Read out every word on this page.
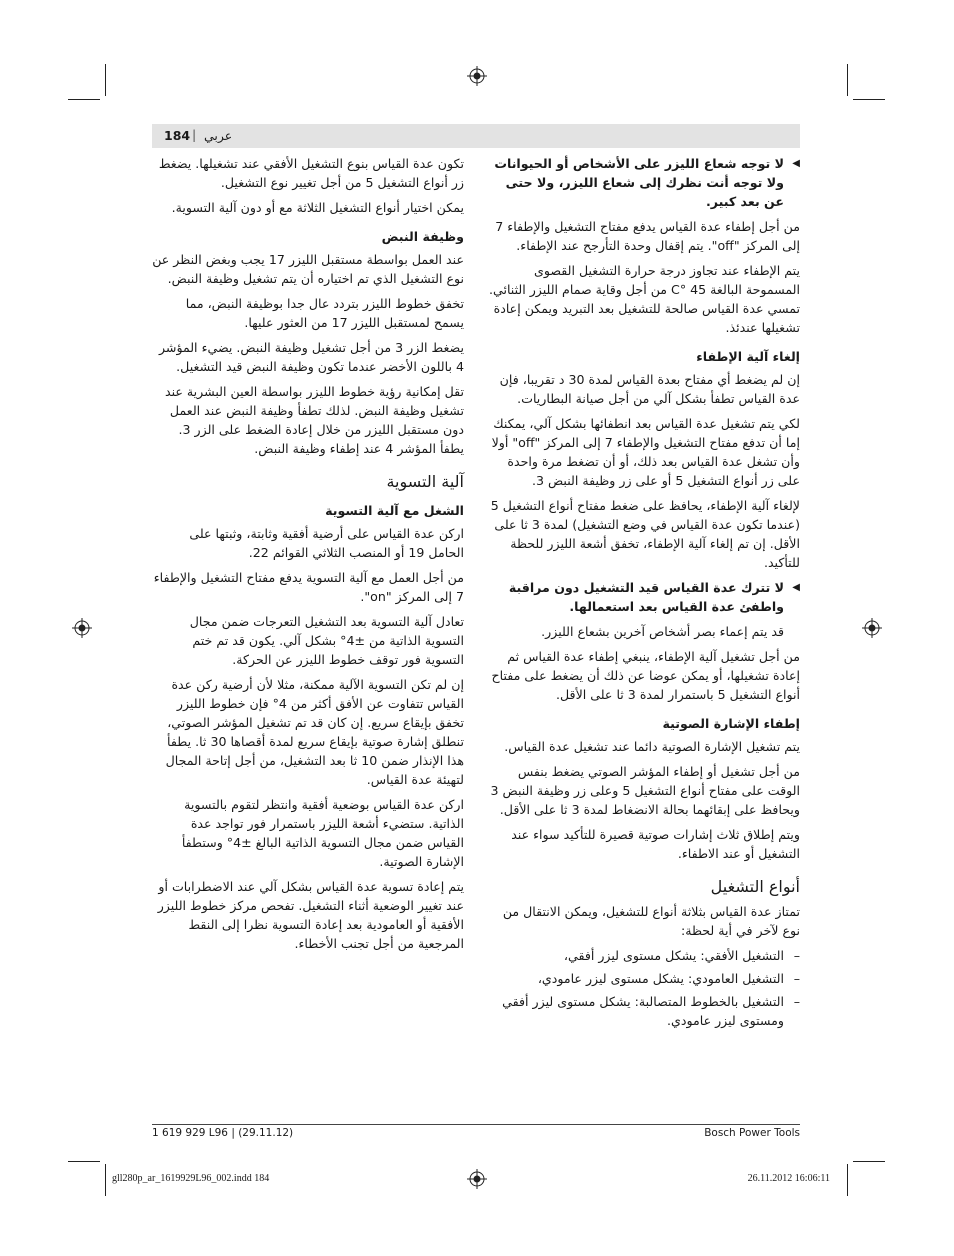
184 | عربي

◀
لا توجه شعاع الليزر على الأشخاص أو الحيوانات ولا توجه أنت نظرك إلى شعاع الليزر، ولا حتى عن بعد كبير.

من أجل إطفاء عدة القياس يدفع مفتاح التشغيل والإطفاء 7 إلى المركز "off". يتم إقفال وحدة التأرجح عند الإطفاء.

يتم الإطفاء عند تجاوز درجة حرارة التشغيل القصوى المسموحة البالغة 45 °C من أجل وقاية صمام الليزر الثنائي. تمسي عدة القياس صالحة للتشغيل بعد التبريد ويمكن إعادة تشغيلها عندئذ.

إلغاء آلية الإطفاء

إن لم يضغط أي مفتاح بعدة القياس لمدة 30 د تقريبا، فإن عدة القياس تطفأ بشكل آلي من أجل صيانة البطاريات.

لكي يتم تشغيل عدة القياس بعد انطفائها بشكل آلي، يمكنك إما أن تدفع مفتاح التشغيل والإطفاء 7 إلى المركز "off" أولا وأن تشغل عدة القياس بعد ذلك، أو أن تضغط مرة واحدة على زر أنواع التشغيل 5 أو على زر وظيفة النبض 3.

لإلغاء آلية الإطفاء، يحافظ على ضغط مفتاح أنواع التشغيل 5 (عندما تكون عدة القياس في وضع التشغيل) لمدة 3 ثا على الأقل. إن تم إلغاء آلية الإطفاء، تخفق أشعة الليزر للحظة للتأكيد.

◀
لا تترك عدة القياس قيد التشغيل دون مراقبة واطفئ عدة القياس بعد استعمالها.

قد يتم إعماء بصر أشخاص آخرين بشعاع الليزر.

من أجل تشغيل آلية الإطفاء، ينبغي إطفاء عدة القياس ثم إعادة تشغيلها، أو يمكن عوضا عن ذلك أن يضغط على مفتاح أنواع التشغيل 5 باستمرار لمدة 3 ثا على الأقل.

إطفاء الإشارة الصوتية

يتم تشغيل الإشارة الصوتية دائما عند تشغيل عدة القياس.

من أجل تشغيل أو إطفاء المؤشر الصوتي يضغط بنفس الوقت على مفتاح أنواع التشغيل 5 وعلى زر وظيفة النبض 3 ويحافظ على إبقائهما بحالة الانضغاط لمدة 3 ثا على الأقل.

ويتم إطلاق ثلاث إشارات صوتية قصيرة للتأكيد سواء عند التشغيل أو عند الاطفاء.

أنواع التشغيل

تمتاز عدة القياس بثلاثة أنواع للتشغيل، ويمكن الانتقال من نوع لآخر في أية لحظة:

–
التشغيل الأفقي: يشكل مستوى ليزر أفقي،
–
التشغيل العامودي: يشكل مستوى ليزر عامودي،
–
التشغيل بالخطوط المتصالبة: يشكل مستوى ليزر أفقي ومستوى ليزر عامودي.

تكون عدة القياس بنوع التشغيل الأفقي عند تشغيلها. يضغط زر أنواع التشغيل 5 من أجل تغيير نوع التشغيل.

يمكن اختيار أنواع التشغيل الثلاثة مع أو دون آلية التسوية.

وظيفة النبض

عند العمل بواسطة مستقبل الليزر 17 يجب وبغض النظر عن نوع التشغيل الذي تم اختياره أن يتم تشغيل وظيفة النبض.

تخفق خطوط الليزر بتردد عال جدا بوظيفة النبض، مما يسمح لمستقبل الليزر 17 من العثور عليها.

يضغط الزر 3 من أجل تشغيل وظيفة النبض. يضيء المؤشر 4 باللون الأخضر عندما تكون وظيفة النبض قيد التشغيل.

تقل إمكانية رؤية خطوط الليزر بواسطة العين البشرية عند تشغيل وظيفة النبض. لذلك تطفأ وظيفة النبض عند العمل دون مستقبل الليزر من خلال إعادة الضغط على الزر 3. يطفأ المؤشر 4 عند إطفاء وظيفة النبض.

آلية التسوية
الشغل مع آلية التسوية

اركن عدة القياس على أرضية أفقية وثابتة، وثبتها على الحامل 19 أو المنصب الثلاثي القوائم 22.

من أجل العمل مع آلية التسوية يدفع مفتاح التشغيل والإطفاء 7 إلى المركز "on".

تعادل آلية التسوية بعد التشغيل التعرجات ضمن مجال التسوية الذاتية من ±4° بشكل آلي. يكون قد تم ختم التسوية فور توقف خطوط الليزر عن الحركة.

إن لم تكن التسوية الآلية ممكنة، مثلا لأن أرضية ركن عدة القياس تتفاوت عن الأفق أكثر من 4° فإن خطوط الليزر تخفق بإيقاع سريع. إن كان قد تم تشغيل المؤشر الصوتي، تنطلق إشارة صوتية بإيقاع سريع لمدة أقصاها 30 ثا. يطفأ هذا الإنذار ضمن 10 ثا بعد التشغيل، من أجل إتاحة المجال لتهيئة عدة القياس.

اركن عدة القياس بوضعية أفقية وانتظر لتقوم بالتسوية الذاتية. ستضيء أشعة الليزر باستمرار فور تواجد عدة القياس ضمن مجال التسوية الذاتية البالغ ±4° وستطفأ الإشارة الصوتية.

يتم إعادة تسوية عدة القياس بشكل آلي عند الاضطرابات أو عند تغيير الوضعية أثناء التشغيل. تفحص مركز خطوط الليزر الأفقية أو العامودية بعد إعادة التسوية نظرا إلى النقط المرجعية من أجل تجنب الأخطاء.

1 619 929 L96 | (29.11.12)	Bosch Power Tools
gll280p_ar_1619929L96_002.indd 184	26.11.2012 16:06:11
